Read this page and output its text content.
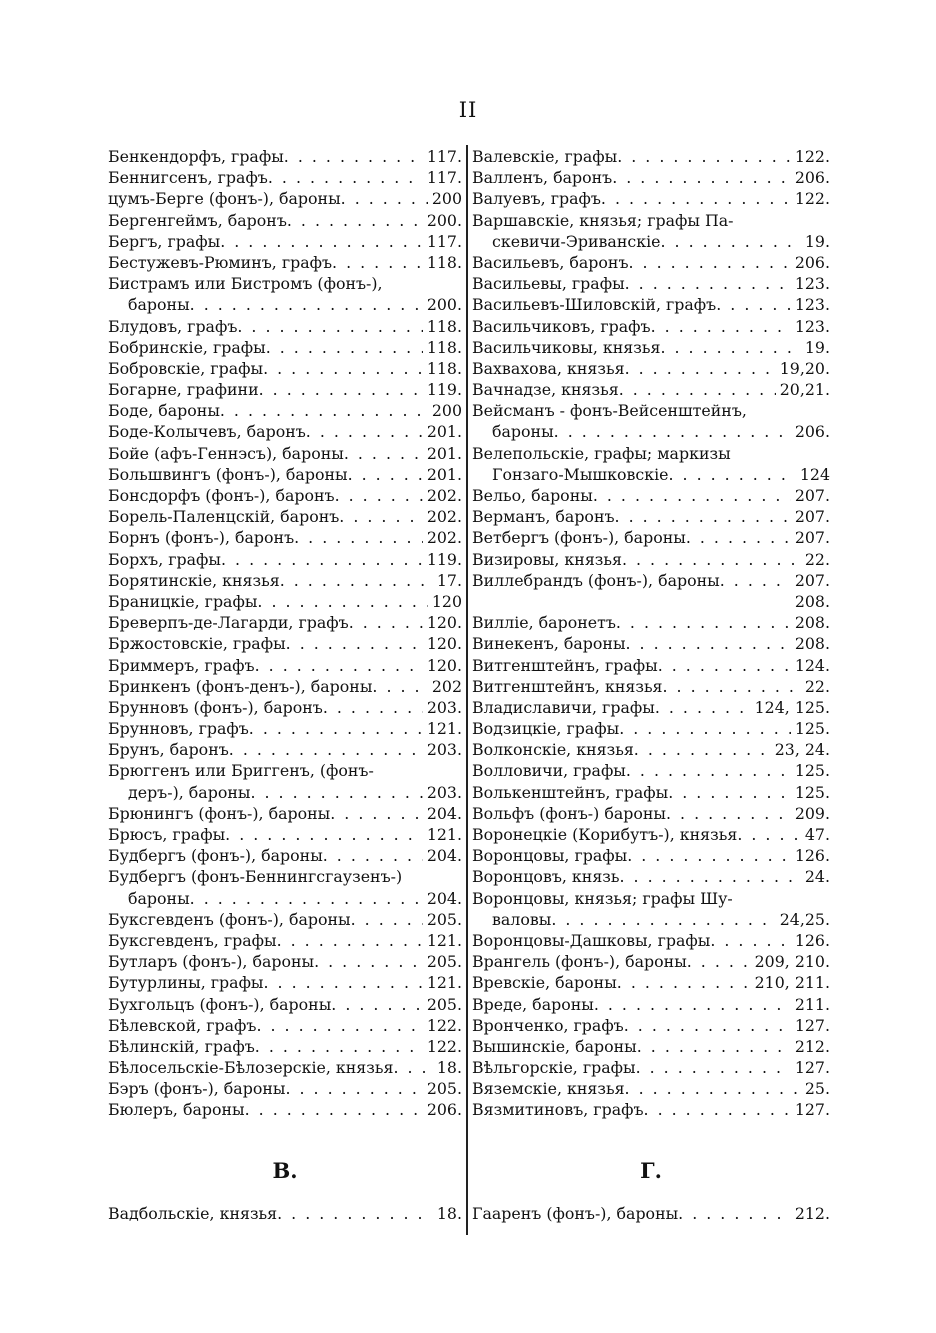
II
Бенкендорфъ, графы . . .	117.
Беннигсенъ, графъ . . .	117.
цумъ-Берге (фонъ-), бароны . . .	200
Бергенгеймъ, баронъ . . .	200.
Бергъ, графы . . .	117.
Бестужевъ-Рюминъ, графъ . . .	118.
Бистрамъ или Бистромъ (фонъ-),
бароны . . .	200.
Блудовъ, графъ . . .	118.
Бобринскіе, графы . . .	118.
Бобровскіе, графы . . .	118.
Богарне, графини . . .	119.
Боде, бароны . . .	200
Боде-Колычевъ, баронъ . . .	201.
Бойе (афъ-Геннэсъ), бароны . . .	201.
Большвингъ (фонъ-), бароны . . .	201.
Бонсдорфъ (фонъ-), баронъ . . .	202.
Борель-Паленцскій, баронъ . . .	202.
Борнъ (фонъ-), баронъ . . .	202.
Борхъ, графы . . .	119.
Борятинскіе, князья . . .	17.
Браницкіе, графы . . .	120
Бреверпъ-де-Лагарди, графъ . . .	120.
Бржостовскіе, графы . . .	120.
Бриммеръ, графъ . . .	120.
Бринкенъ (фонъ-денъ-), бароны . . .	202
Брунновъ (фонъ-), баронъ . . .	203.
Брунновъ, графъ . . .	121.
Брунъ, баронъ . . .	203.
Брюггенъ или Бриггенъ, (фонъ-
деръ-), бароны . . .	203.
Брюнингъ (фонъ-), бароны . . .	204.
Брюсъ, графы . . .	121.
Будбергъ (фонъ-), бароны . . .	204.
Будбергъ (фонъ-Беннингсгаузенъ-)
бароны . . .	204.
Буксгевденъ (фонъ-), бароны . . .	205.
Буксгевденъ, графы . . .	121.
Бутларъ (фонъ-), бароны . . .	205.
Бутурлины, графы . . .	121.
Бухгольцъ (фонъ-), бароны . . .	205.
Бѣлевской, графъ . . .	122.
Бѣлинскій, графъ . . .	122.
Бѣлосельскіе-Бѣлозерскіе, князья . . .	18.
Бэръ (фонъ-), бароны . . .	205.
Бюлеръ, бароны . . .	206.
Валевскіе, графы . . .	122.
Валленъ, баронъ . . .	206.
Валуевъ, графъ . . .	122.
Варшавскіе, князья; графы Па-
скевичи-Эриванскіе . . .	19.
Васильевъ, баронъ . . .	206.
Васильевы, графы . . .	123.
Васильевъ-Шиловскій, графъ . . .	123.
Васильчиковъ, графъ . . .	123.
Васильчиковы, князья . . .	19.
Вахвахова, князья . . .	19,20.
Вачнадзе, князья . . .	20,21.
Вейсманъ - фонъ-Вейсенштейнъ,
бароны . . .	206.
Велепольскіе, графы; маркизы
Гонзаго-Мышковскіе . . .	124
Вельо, бароны . . .	207.
Верманъ, баронъ . . .	207.
Ветбергъ (фонъ-), бароны . . .	207.
Визировы, князья . . .	22.
Виллебрандъ (фонъ-), бароны . . .	207.
208.
Виллie, баронетъ . . .	208.
Винекенъ, бароны . . .	208.
Витгенштейнъ, графы . . .	124.
Витгенштейнъ, князья . . .	22.
Владиславичи, графы . . .	124, 125.
Водзицкіе, графы . . .	125.
Волконскіе, князья . . .	23, 24.
Волловичи, графы . . .	125.
Волькенштейнъ, графы . . .	125.
Вольфъ (фонъ-) бароны . . .	209.
Воронецкіе (Корибутъ-), князья . . .	47.
Воронцовы, графы . . .	126.
Воронцовъ, князь . . .	24.
Воронцовы, князья; графы Шу-
валовы . . .	24,25.
Воронцовы-Дашковы, графы . . .	126.
Врангель (фонъ-), бароны . . .	209, 210.
Вревскіе, бароны . . .	210, 211.
Вреде, бароны . . .	211.
Вронченко, графъ . . .	127.
Вышинскіе, бароны . . .	212.
Вѣльгорскіе, графы . . .	127.
Вяземскіе, князья . . .	25.
Вязмитиновъ, графъ . . .	127.
В.	Г.
Вадбольскіе, князья . . .	18. Гааренъ (фонъ-), бароны . . .	212.
